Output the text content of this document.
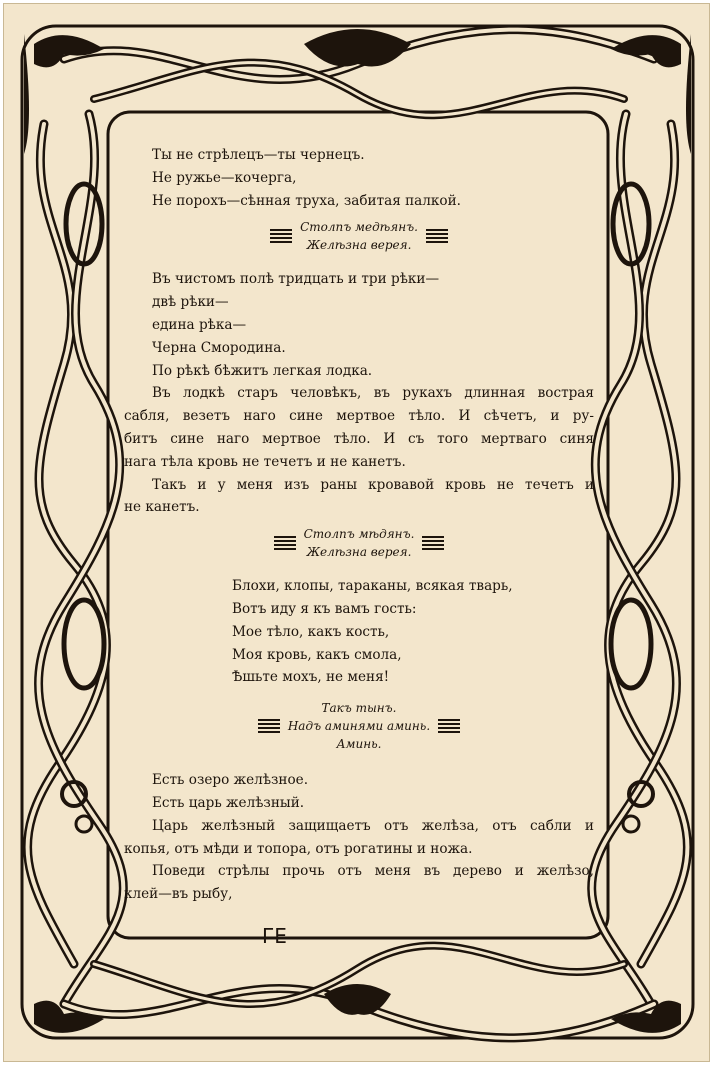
Ты не стрѣлецъ—ты чернецъ.
Не ружье—кочерга,
Не порохъ—сѣнная труха, забитая палкой.
Столпъ медѣянъ.
Желѣзна верея.
Въ чистомъ полѣ тридцать и три рѣки—
двѣ рѣки—
едина рѣка—
Черна Смородина.
По рѣкѣ бѣжитъ легкая лодка.
Въ лодкѣ старъ человѣкъ, въ рукахъ длинная вострая
сабля, везетъ наго сине мертвое тѣло. И сѣчетъ, и ру-
битъ сине наго мертвое тѣло. И съ того мертваго синя
нага тѣла кровь не течетъ и не канетъ.
Такъ и у меня изъ раны кровавой кровь не течетъ и
не канетъ.
Столпъ мѣдянъ.
Желѣзна верея.
Блохи, клопы, тараканы, всякая тварь,
Вотъ иду я къ вамъ гость:
Мое тѣло, какъ кость,
Моя кровь, какъ смола,
Ѣшьте мохъ, не меня!
Такъ тынъ.
Надъ аминями аминь.
Аминь.
Есть озеро желѣзное.
Есть царь желѣзный.
Царь желѣзный защищаетъ отъ желѣза, отъ сабли и
копья, отъ мѣди и топора, отъ рогатины и ножа.
Поведи стрѣлы прочь отъ меня въ дерево и желѣзо,
клей—въ рыбу,
ГЕ
